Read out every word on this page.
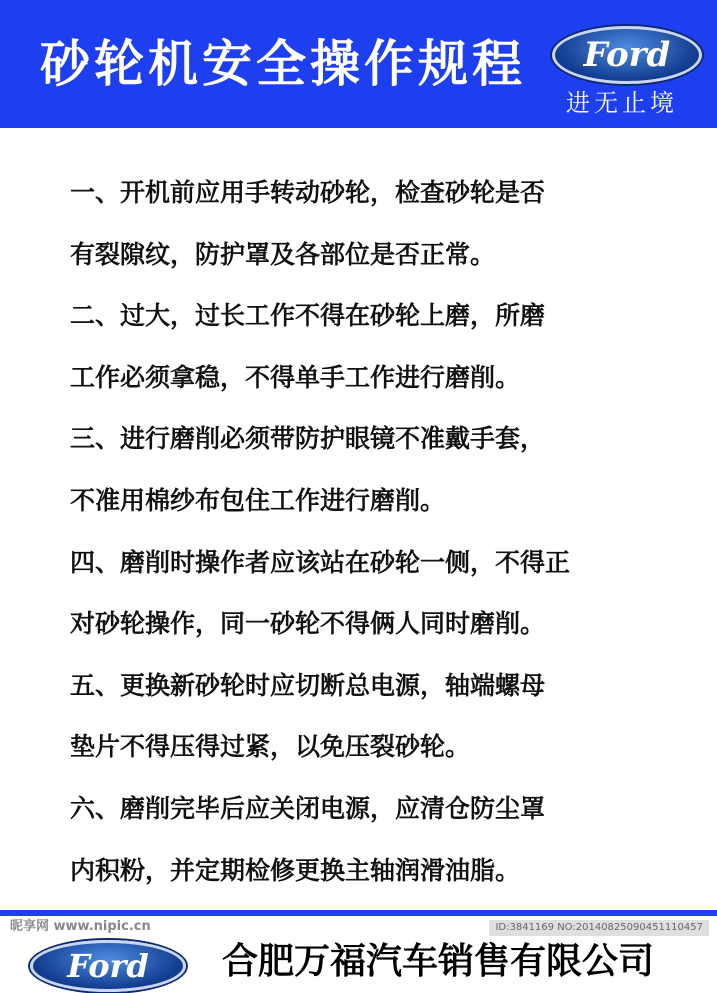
砂轮机安全操作规程	Ford
进无止境
一、开机前应用手转动砂轮，检查砂轮是否
有裂隙纹，防护罩及各部位是否正常。
二、过大，过长工作不得在砂轮上磨，所磨
工作必须拿稳，不得单手工作进行磨削。
三、进行磨削必须带防护眼镜不准戴手套，
不准用棉纱布包住工作进行磨削。
四、磨削时操作者应该站在砂轮一侧，不得正
对砂轮操作，同一砂轮不得俩人同时磨削。
五、更换新砂轮时应切断总电源，轴端螺母
垫片不得压得过紧，以免压裂砂轮。
六、磨削完毕后应关闭电源，应清仓防尘罩
内积粉，并定期检修更换主轴润滑油脂。
昵享网 www.nipic.cn	ID:3841169 NO:20140825090451110457
Ford	合肥万福汽车销售有限公司
